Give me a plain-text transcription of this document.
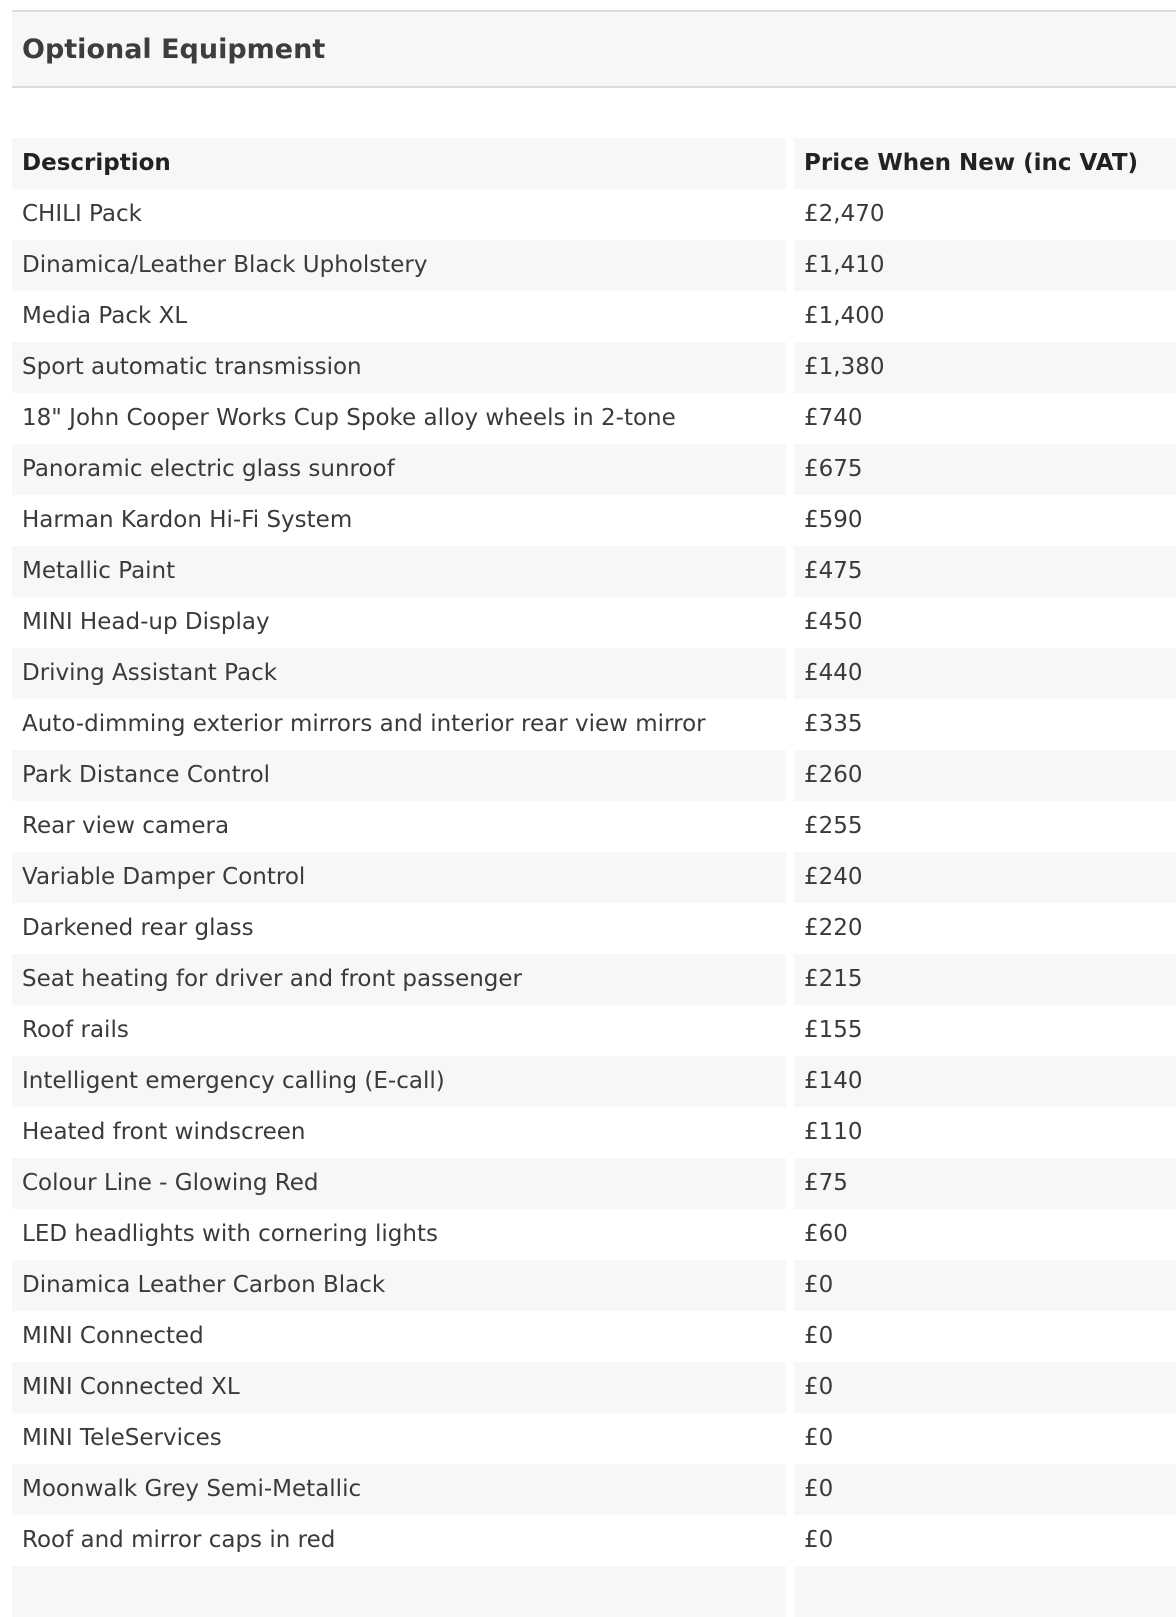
Optional Equipment
Description	Price When New (inc VAT)
CHILI Pack	£2,470
Dinamica/Leather Black Upholstery	£1,410
Media Pack XL	£1,400
Sport automatic transmission	£1,380
18" John Cooper Works Cup Spoke alloy wheels in 2-tone	£740
Panoramic electric glass sunroof	£675
Harman Kardon Hi-Fi System	£590
Metallic Paint	£475
MINI Head-up Display	£450
Driving Assistant Pack	£440
Auto-dimming exterior mirrors and interior rear view mirror	£335
Park Distance Control	£260
Rear view camera	£255
Variable Damper Control	£240
Darkened rear glass	£220
Seat heating for driver and front passenger	£215
Roof rails	£155
Intelligent emergency calling (E-call)	£140
Heated front windscreen	£110
Colour Line - Glowing Red	£75
LED headlights with cornering lights	£60
Dinamica Leather Carbon Black	£0
MINI Connected	£0
MINI Connected XL	£0
MINI TeleServices	£0
Moonwalk Grey Semi-Metallic	£0
Roof and mirror caps in red	£0
